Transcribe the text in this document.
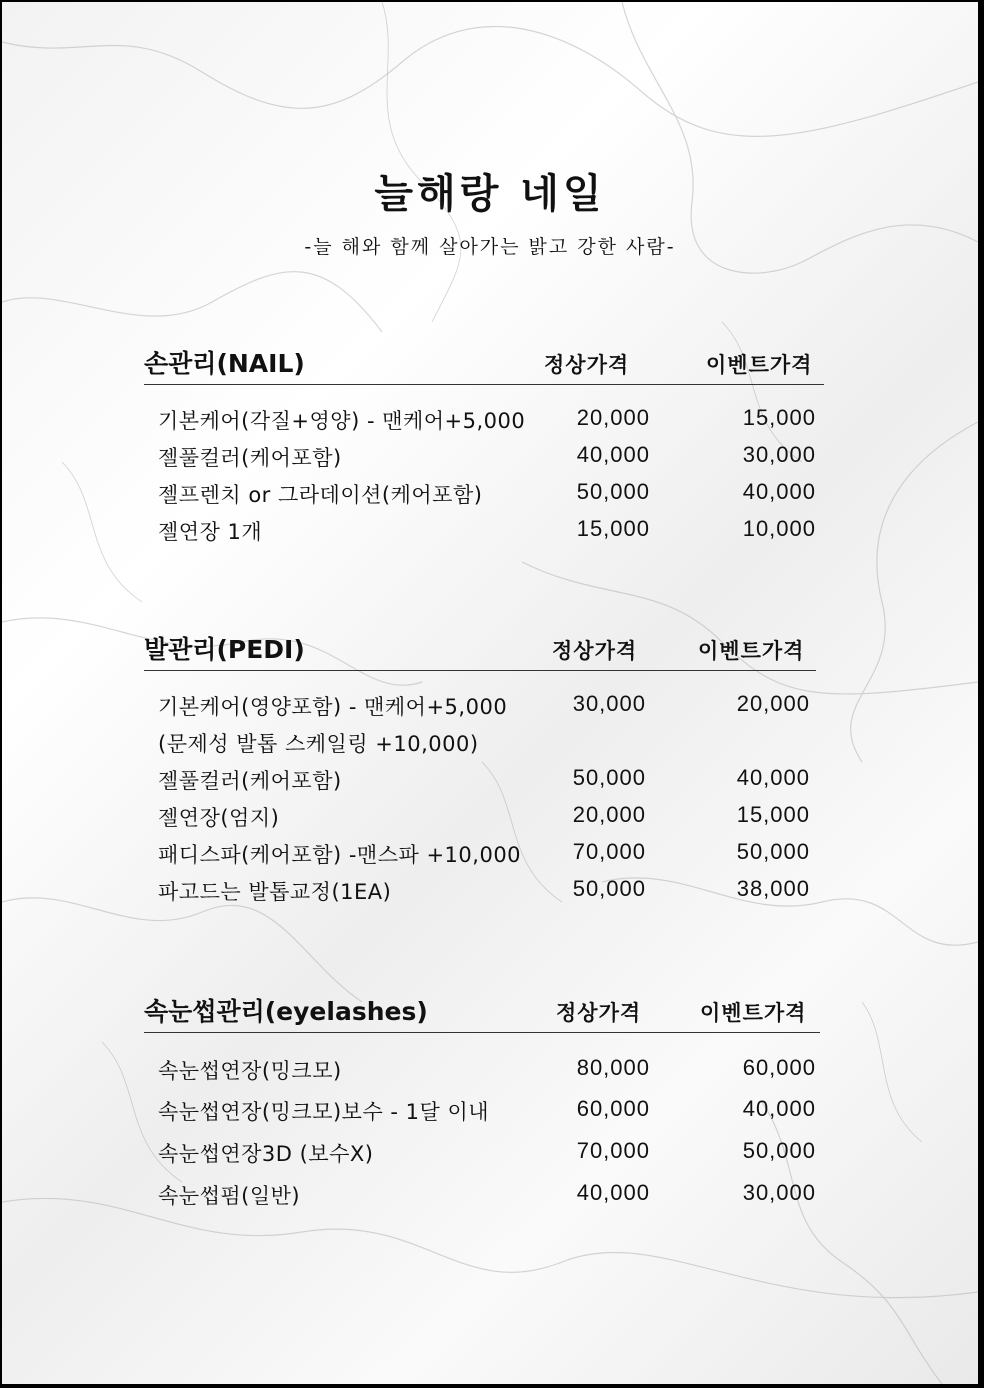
늘해랑 네일
-늘 해와 함께 살아가는 밝고 강한 사람-
손관리(NAIL)	정상가격	이벤트가격
기본케어(각질+영양) - 맨케어+5,000	20,000	15,000
젤풀컬러(케어포함)	40,000	30,000
젤프렌치 or 그라데이션(케어포함)	50,000	40,000
젤연장 1개	15,000	10,000
발관리(PEDI)	정상가격	이벤트가격
기본케어(영양포함) - 맨케어+5,000	30,000	20,000
(문제성 발톱 스케일링 +10,000)
젤풀컬러(케어포함)	50,000	40,000
젤연장(엄지)	20,000	15,000
패디스파(케어포함) -맨스파 +10,000	70,000	50,000
파고드는 발톱교정(1EA)	50,000	38,000
속눈썹관리(eyelashes)	정상가격	이벤트가격
속눈썹연장(밍크모)	80,000	60,000
속눈썹연장(밍크모)보수 - 1달 이내	60,000	40,000
속눈썹연장3D (보수X)	70,000	50,000
속눈썹펌(일반)	40,000	30,000
